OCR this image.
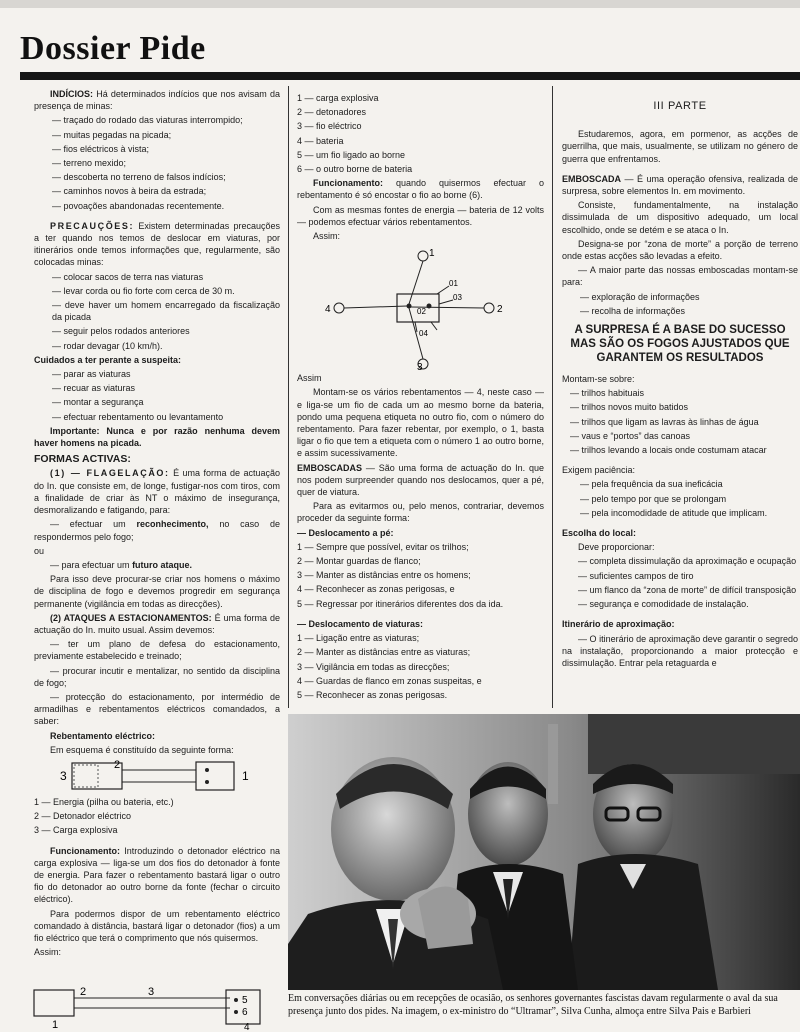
Dossier Pide

INDÍCIOS: Há determinados indícios que nos avisam da presença de minas:

— traçado do rodado das viaturas interrompido;

— muitas pegadas na picada;

— fios eléctricos à vista;

— terreno mexido;

— descoberta no terreno de falsos indícios;

— caminhos novos à beira da estrada;

— povoações abandonadas recentemente.

PRECAUÇÕES: Existem determinadas precauções a ter quando nos temos de deslocar em viaturas, por itinerários onde temos informações que, regularmente, são colocadas minas:

— colocar sacos de terra nas viaturas

— levar corda ou fio forte com cerca de 30 m.

— deve haver um homem encarregado da fiscalização da picada

— seguir pelos rodados anteriores

— rodar devagar (10 km/h).

Cuidados a ter perante a suspeita:

— parar as viaturas

— recuar as viaturas

— montar a segurança

— efectuar rebentamento ou levantamento

Importante: Nunca e por razão nenhuma devem haver homens na picada.

FORMAS ACTIVAS:

(1) — FLAGELAÇÃO: É uma forma de actuação do In. que consiste em, de longe, fustigar-nos com tiros, com a finalidade de criar às NT o máximo de insegurança, desmoralizando e fatigando, para:

— efectuar um reconhecimento, no caso de respondermos pelo fogo;

ou

— para efectuar um futuro ataque.

Para isso deve procurar-se criar nos homens o máximo de disciplina de fogo e devemos progredir em segurança permanente (vigilância em todas as direcções).

(2) ATAQUES A ESTACIONAMENTOS: É uma forma de actuação do In. muito usual. Assim devemos:

— ter um plano de defesa do estacionamento, previamente estabelecido e treinado;

— procurar incutir e mentalizar, no sentido da disciplina de fogo;

— protecção do estacionamento, por intermédio de armadilhas e rebentamentos eléctricos comandados, a saber:

Rebentamento eléctrico:

Em esquema é constituído da seguinte forma:

3
2
1

1 — Energia (pilha ou bateria, etc.)

2 — Detonador eléctrico

3 — Carga explosiva

Funcionamento: Introduzindo o detonador eléctrico na carga explosiva — liga-se um dos fios do detonador à fonte de energia. Para fazer o rebentamento bastará ligar o outro fio do detonador ao outro borne da fonte (fechar o circuito eléctrico).

Para podermos dispor de um rebentamento eléctrico comandado à distância, bastará ligar o detonador (fios) a um fio eléctrico que terá o comprimento que nós quisermos.

Assim:

1
2	3
5
6
4

1 — carga explosiva

2 — detonadores

3 — fio eléctrico

4 — bateria

5 — um fio ligado ao borne

6 — o outro borne de bateria

Funcionamento: quando quisermos efectuar o rebentamento é só encostar o fio ao borne (6).

Com as mesmas fontes de energia — bateria de 12 volts — podemos efectuar vários rebentamentos.

Assim:

1
2
3
4
01
02
03
04

Assim

Montam-se os vários rebentamentos — 4, neste caso — e liga-se um fio de cada um ao mesmo borne da bateria, pondo uma pequena etiqueta no outro fio, com o número do rebentamento. Para fazer rebentar, por exemplo, o 1, basta ligar o fio que tem a etiqueta com o número 1 ao outro borne, e assim sucessivamente.

EMBOSCADAS — São uma forma de actuação do In. que nos podem surpreender quando nos deslocamos, quer a pé, quer de viatura.

Para as evitarmos ou, pelo menos, contrariar, devemos proceder da seguinte forma:

— Deslocamento a pé:

1 — Sempre que possível, evitar os trilhos;

2 — Montar guardas de flanco;

3 — Manter as distâncias entre os homens;

4 — Reconhecer as zonas perigosas, e

5 — Regressar por itinerários diferentes dos da ida.

— Deslocamento de viaturas:

1 — Ligação entre as viaturas;

2 — Manter as distâncias entre as viaturas;

3 — Vigilância em todas as direcções;

4 — Guardas de flanco em zonas suspeitas, e

5 — Reconhecer as zonas perigosas.

III PARTE

Estudaremos, agora, em pormenor, as acções de guerrilha, que mais, usualmente, se utilizam no género de guerra que enfrentamos.

EMBOSCADA — É uma operação ofensiva, realizada de surpresa, sobre elementos In. em movimento.

Consiste, fundamentalmente, na instalação dissimulada de um dispositivo adequado, um local escolhido, onde se detém e se ataca o In.

Designa-se por “zona de morte” a porção de terreno onde estas acções são levadas a efeito.

— A maior parte das nossas emboscadas montam-se para:

— exploração de informações

— recolha de informações

A SURPRESA É A BASE DO SUCESSO MAS SÃO OS FOGOS AJUSTADOS QUE GARANTEM OS RESULTADOS

Montam-se sobre:

— trilhos habituais

— trilhos novos muito batidos

— trilhos que ligam as lavras às linhas de água

— vaus e “portos” das canoas

— trilhos levando a locais onde costumam atacar

Exigem paciência:

— pela frequência da sua ineficácia

— pelo tempo por que se prolongam

— pela incomodidade de atitude que implicam.

Escolha do local:

Deve proporcionar:

— completa dissimulação da aproximação e ocupação

— suficientes campos de tiro

— um flanco da “zona de morte” de difícil transposição

— segurança e comodidade de instalação.

Itinerário de aproximação:

— O itinerário de aproximação deve garantir o segredo na instalação, proporcionando a maior protecção e dissimulação. Entrar pela retaguarda e

Em conversações diárias ou em recepções de ocasião, os senhores governantes fascistas davam regularmente o aval da sua presença junto dos pides. Na imagem, o ex-ministro do “Ultramar”, Silva Cunha, almoça entre Silva Pais e Barbieri
